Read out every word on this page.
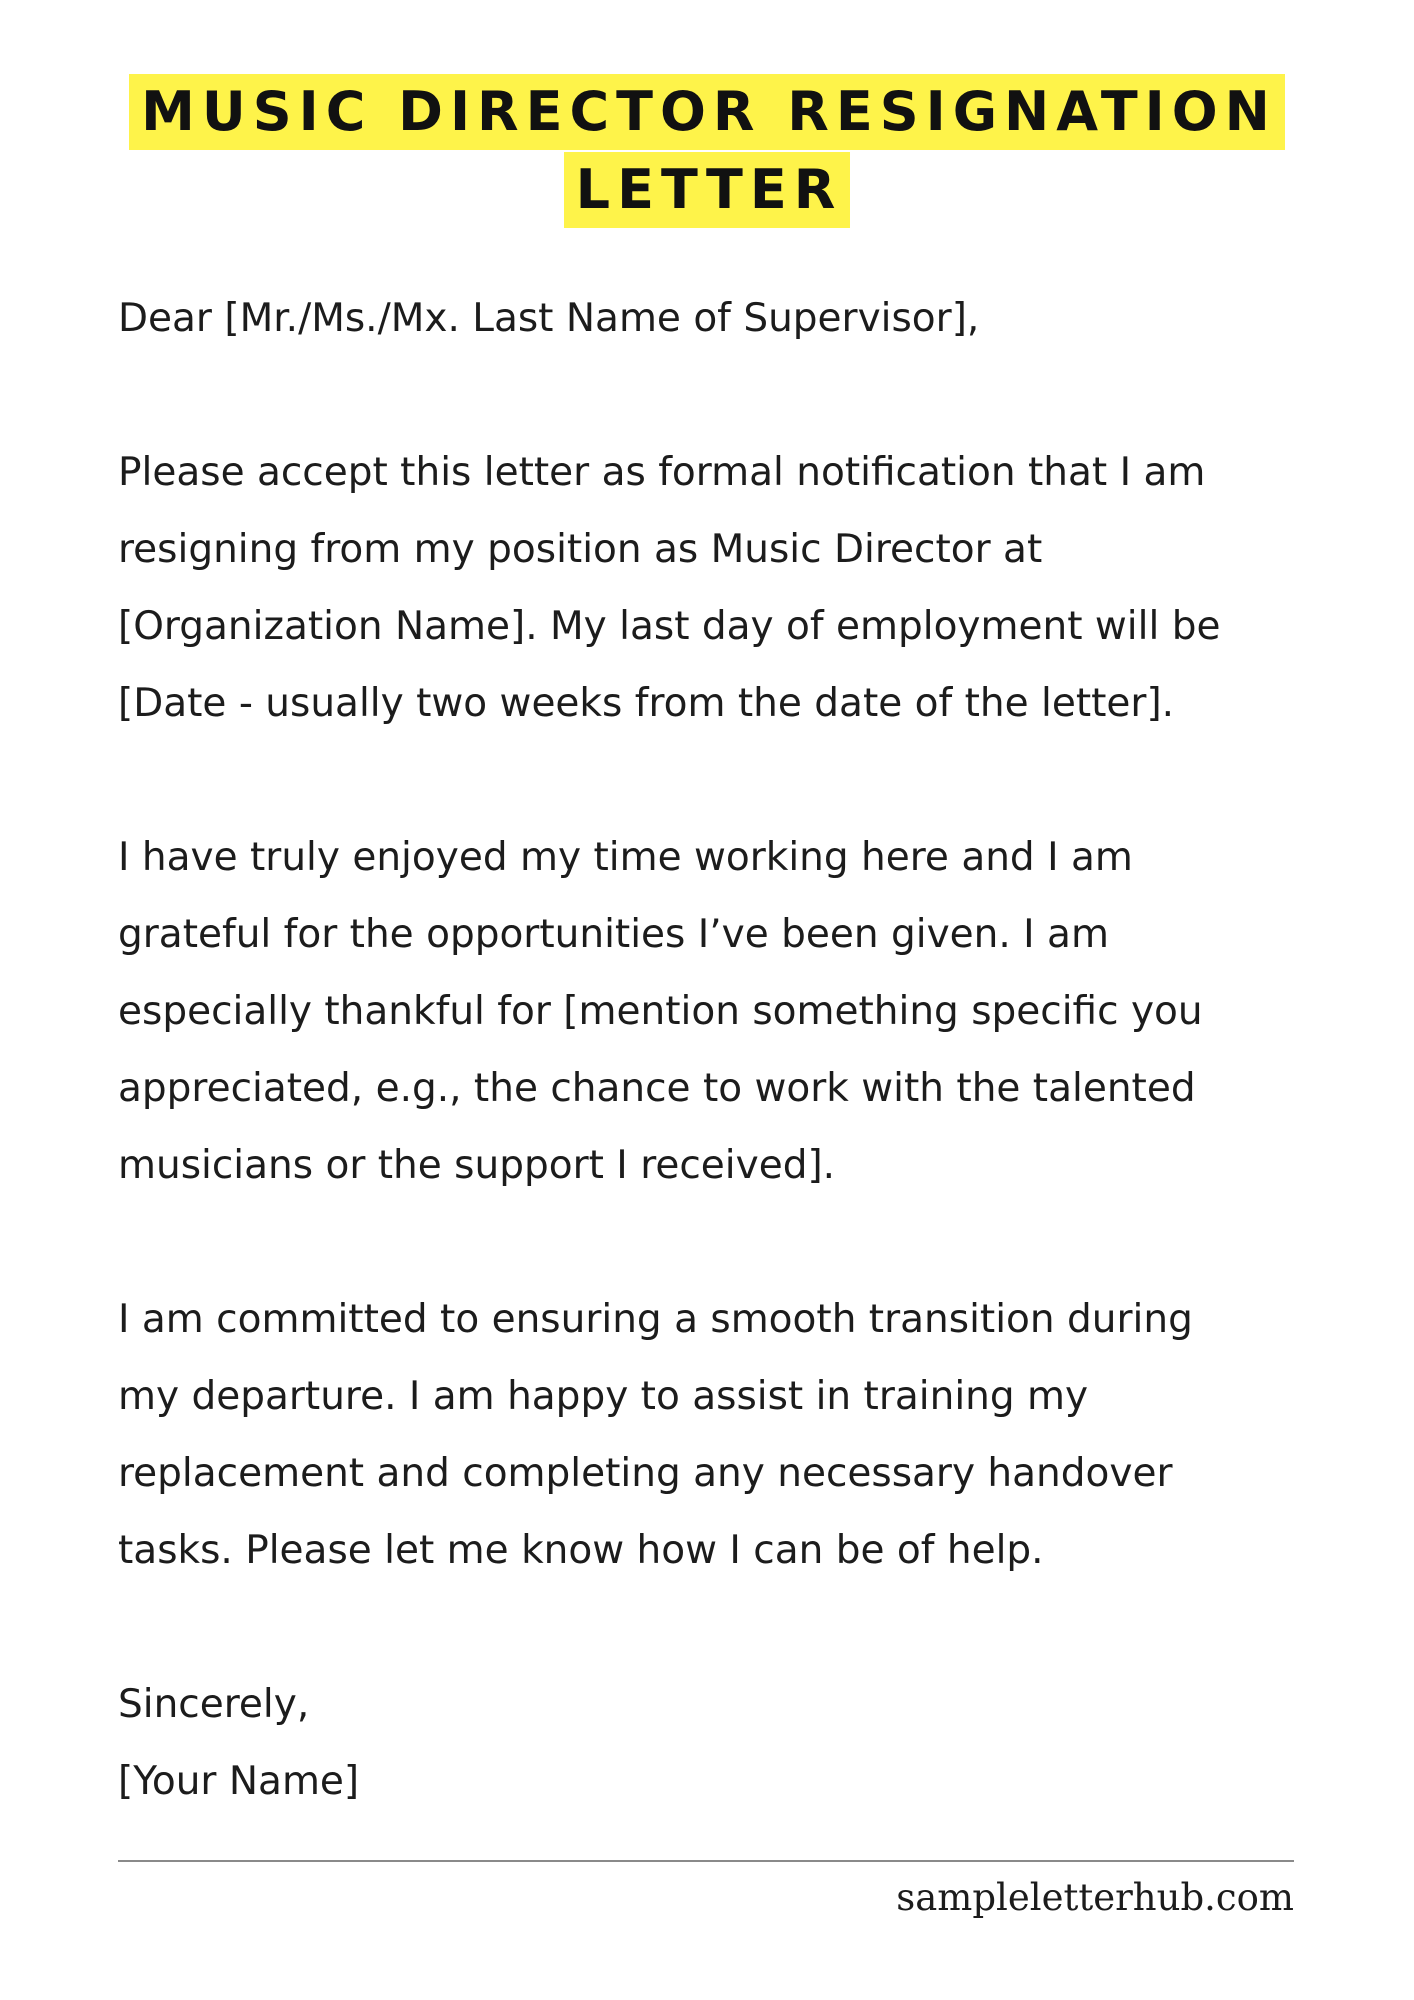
MUSIC DIRECTOR RESIGNATION
LETTER

Dear [Mr./Ms./Mx. Last Name of Supervisor],

Please accept this letter as formal notification that I am

resigning from my position as Music Director at

[Organization Name]. My last day of employment will be

[Date - usually two weeks from the date of the letter].

I have truly enjoyed my time working here and I am

grateful for the opportunities I’ve been given. I am

especially thankful for [mention something specific you

appreciated, e.g., the chance to work with the talented

musicians or the support I received].

I am committed to ensuring a smooth transition during

my departure. I am happy to assist in training my

replacement and completing any necessary handover

tasks. Please let me know how I can be of help.

Sincerely,

[Your Name]

sampleletterhub.com
